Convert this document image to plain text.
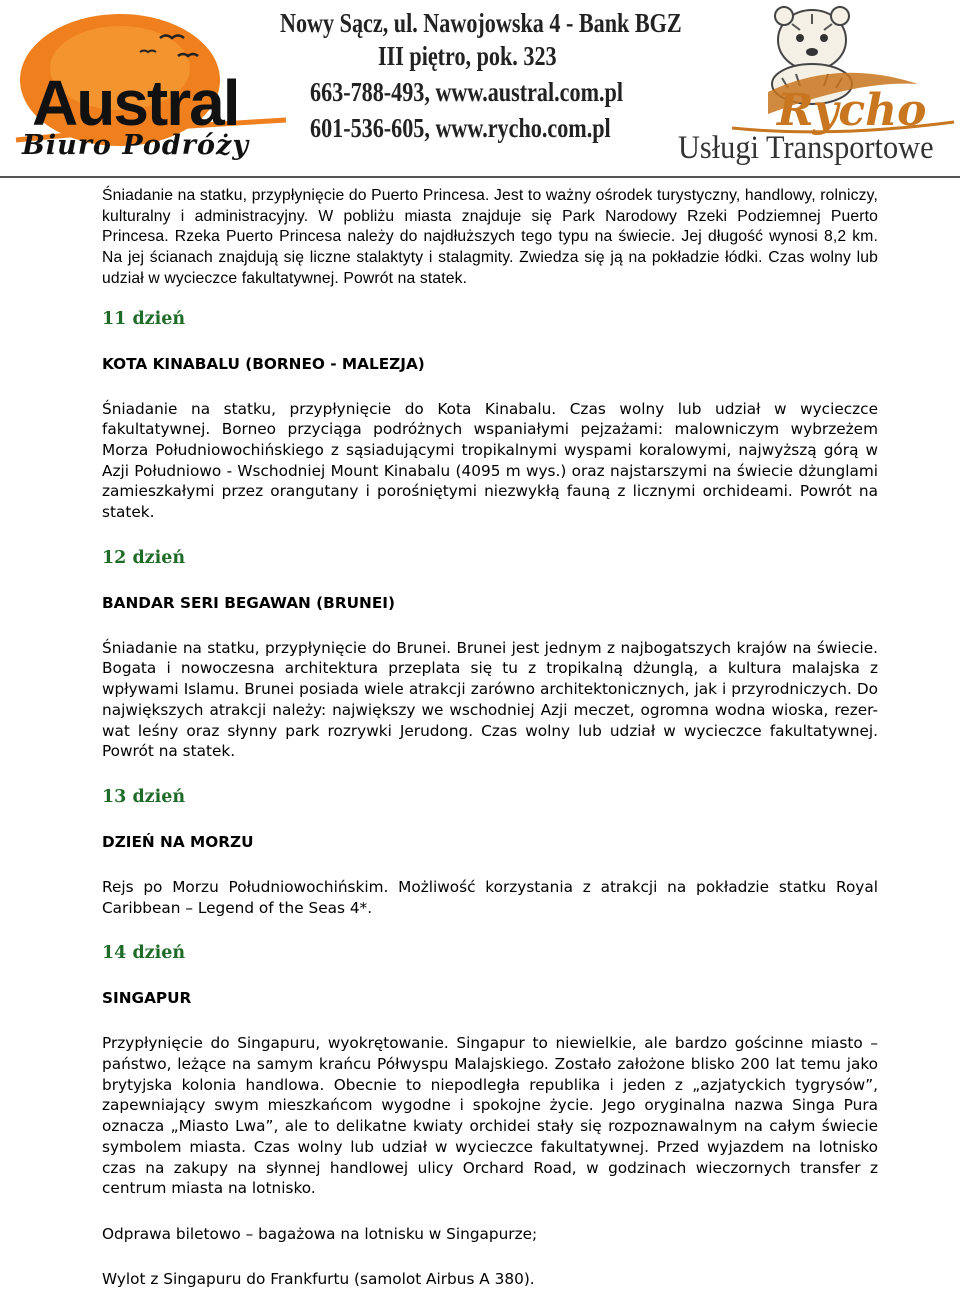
Austral
Biuro Podróży
Nowy Sącz, ul. Nawojowska 4 - Bank BGZ
III piętro, pok. 323
663-788-493, www.austral.com.pl
601-536-605, www.rycho.com.pl	Rycho
Usługi Transportowe

Śniadanie na statku, przypłynięcie do Puerto Princesa. Jest to ważny ośrodek turystyczny, handlowy, rolniczy, kulturalny i administracyjny. W pobliżu miasta znajduje się Park Narodowy Rzeki Podziemnej Puerto Princesa. Rzeka Puerto Princesa należy do najdłuższych tego typu na świecie. Jej długość wynosi 8,2 km. Na jej ścianach znajdują się liczne stalaktyty i stalagmity. Zwiedza się ją na pokładzie łódki. Czas wolny lub udział w wycieczce fakultatywnej. Powrót na statek.

11 dzień

KOTA KINABALU (BORNEO - MALEZJA)

Śniadanie na statku, przypłynięcie do Kota Kinabalu. Czas wolny lub udział w wycieczce fakultatywnej. Borneo przyciąga podróżnych wspaniałymi pejzażami: malowniczym wybrzeżem Morza Południowochińskiego z sąsiadującymi tropikalnymi wyspami koralowymi, najwyższą górą w Azji Południowo - Wschodniej Mount Kinabalu (4095 m wys.) oraz najstarszymi na świecie dżunglami zamieszkałymi przez orangutany i porośniętymi niezwykłą fauną z licznymi orchideami. Powrót na statek.

12 dzień

BANDAR SERI BEGAWAN (BRUNEI)

Śniadanie na statku, przypłynięcie do Brunei. Brunei jest jednym z najbogatszych krajów na świecie. Bogata i nowoczesna architektura przeplata się tu z tropikalną dżunglą, a kultura malajska z wpływami Islamu. Brunei posiada wiele atrakcji zarówno architektonicznych, jak i przyrodniczych. Do największych atrakcji należy: największy we wschodniej Azji meczet, ogromna wodna wioska, rezer-wat leśny oraz słynny park rozrywki Jerudong. Czas wolny lub udział w wycieczce fakultatywnej. Powrót na statek.

13 dzień

DZIEŃ NA MORZU

Rejs po Morzu Południowochińskim. Możliwość korzystania z atrakcji na pokładzie statku Royal Caribbean – Legend of the Seas 4*.

14 dzień

SINGAPUR

Przypłynięcie do Singapuru, wyokrętowanie. Singapur to niewielkie, ale bardzo gościnne miasto – państwo, leżące na samym krańcu Półwyspu Malajskiego. Zostało założone blisko 200 lat temu jako brytyjska kolonia handlowa. Obecnie to niepodległa republika i jeden z „azjatyckich tygrysów”, zapewniający swym mieszkańcom wygodne i spokojne życie. Jego oryginalna nazwa Singa Pura oznacza „Miasto Lwa”, ale to delikatne kwiaty orchidei stały się rozpoznawalnym na całym świecie symbolem miasta. Czas wolny lub udział w wycieczce fakultatywnej. Przed wyjazdem na lotnisko czas na zakupy na słynnej handlowej ulicy Orchard Road, w godzinach wieczornych transfer z centrum miasta na lotnisko.

Odprawa biletowo – bagażowa na lotnisku w Singapurze;

Wylot z Singapuru do Frankfurtu (samolot Airbus A 380).
